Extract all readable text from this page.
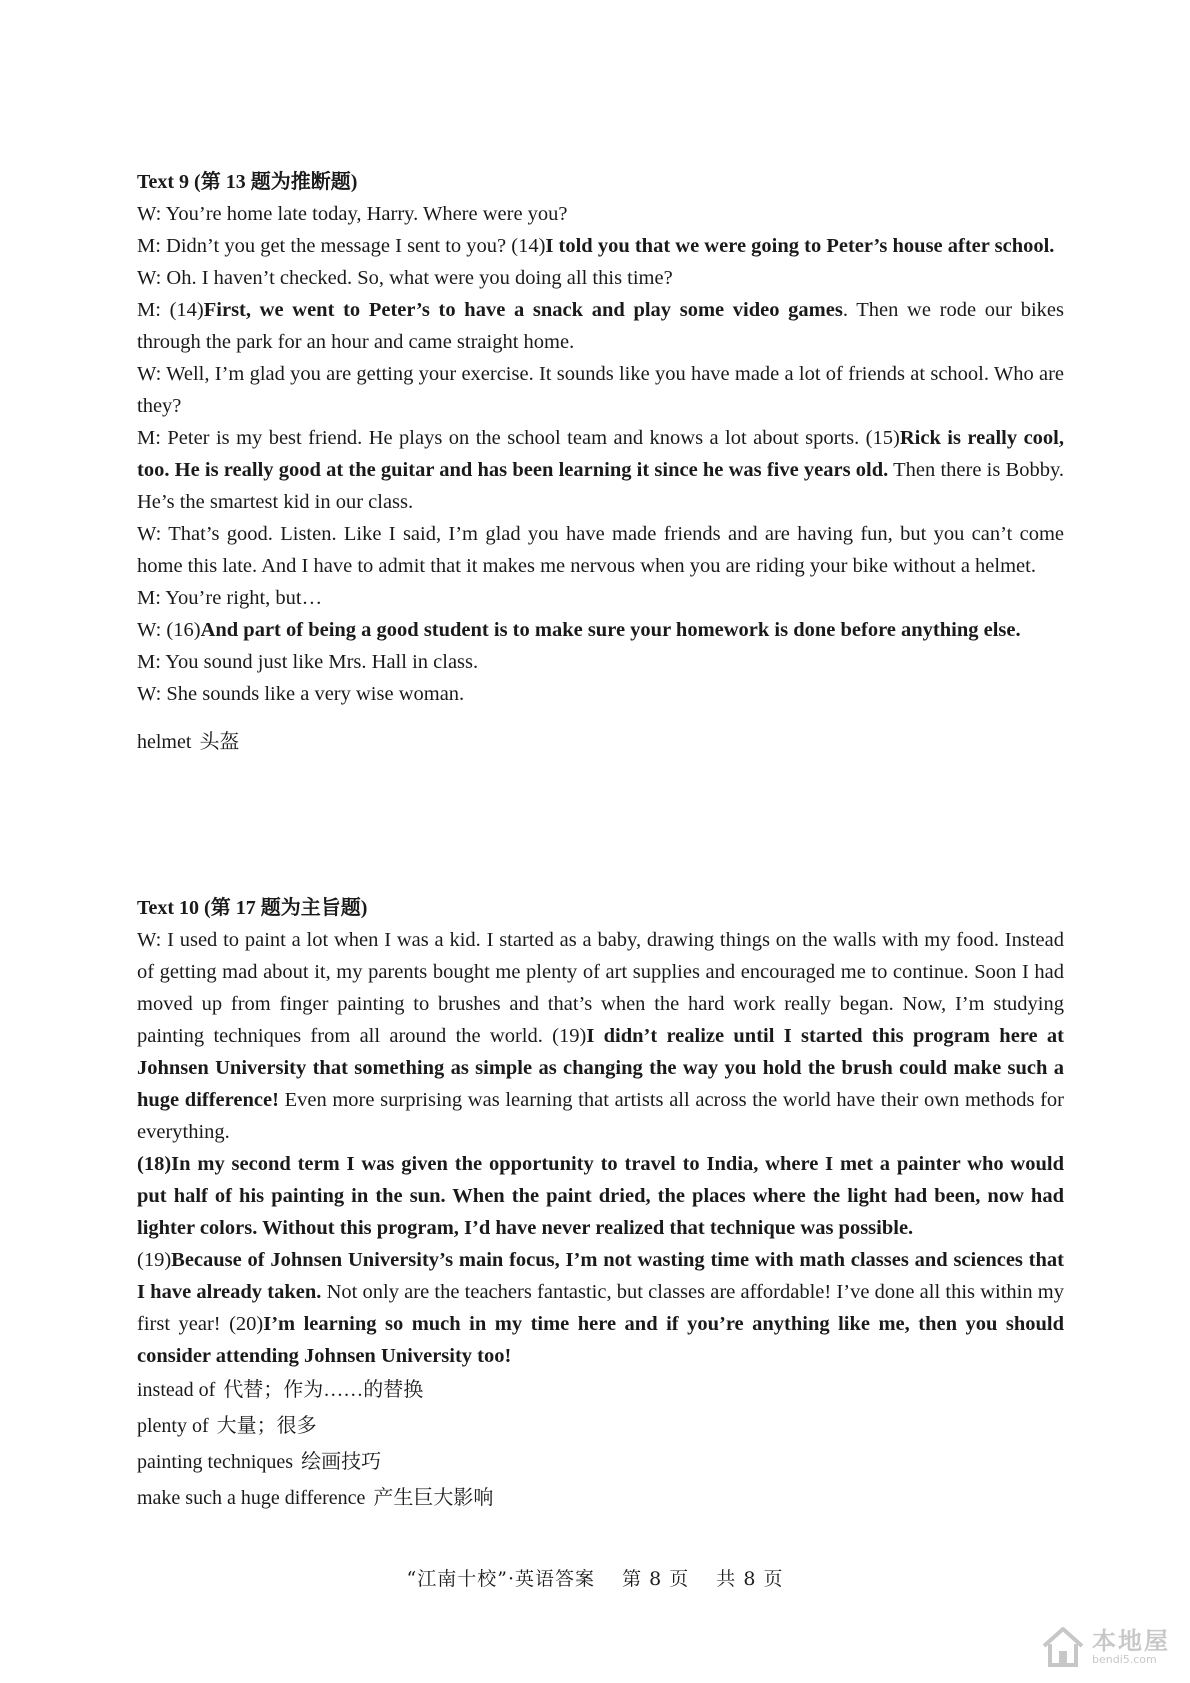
Text 9 (第 13 题为推断题)

W: You’re home late today, Harry. Where were you?

M: Didn’t you get the message I sent to you? (14)I told you that we were going to Peter’s house after school.

W: Oh. I haven’t checked. So, what were you doing all this time?

M: (14)First, we went to Peter’s to have a snack and play some video games. Then we rode our bikes through the park for an hour and came straight home.

W: Well, I’m glad you are getting your exercise. It sounds like you have made a lot of friends at school. Who are they?

M: Peter is my best friend. He plays on the school team and knows a lot about sports. (15)Rick is really cool, too. He is really good at the guitar and has been learning it since he was five years old. Then there is Bobby. He’s the smartest kid in our class.

W: That’s good. Listen. Like I said, I’m glad you have made friends and are having fun, but you can’t come home this late. And I have to admit that it makes me nervous when you are riding your bike without a helmet.

M: You’re right, but…

W: (16)And part of being a good student is to make sure your homework is done before anything else.

M: You sound just like Mrs. Hall in class.

W: She sounds like a very wise woman.

helmet 头盔

Text 10 (第 17 题为主旨题)

W: I used to paint a lot when I was a kid. I started as a baby, drawing things on the walls with my food. Instead of getting mad about it, my parents bought me plenty of art supplies and encouraged me to continue. Soon I had moved up from finger painting to brushes and that’s when the hard work really began. Now, I’m studying painting techniques from all around the world. (19)I didn’t realize until I started this program here at Johnsen University that something as simple as changing the way you hold the brush could make such a huge difference! Even more surprising was learning that artists all across the world have their own methods for everything.

(18)In my second term I was given the opportunity to travel to India, where I met a painter who would put half of his painting in the sun. When the paint dried, the places where the light had been, now had lighter colors. Without this program, I’d have never realized that technique was possible.

(19)Because of Johnsen University’s main focus, I’m not wasting time with math classes and sciences that I have already taken. Not only are the teachers fantastic, but classes are affordable! I’ve done all this within my first year! (20)I’m learning so much in my time here and if you’re anything like me, then you should consider attending Johnsen University too!

instead of 代替；作为……的替换

plenty of 大量；很多

painting techniques 绘画技巧

make such a huge difference 产生巨大影响

“江南十校”·英语答案 第 8 页 共 8 页
本地屋
bendi5.com
